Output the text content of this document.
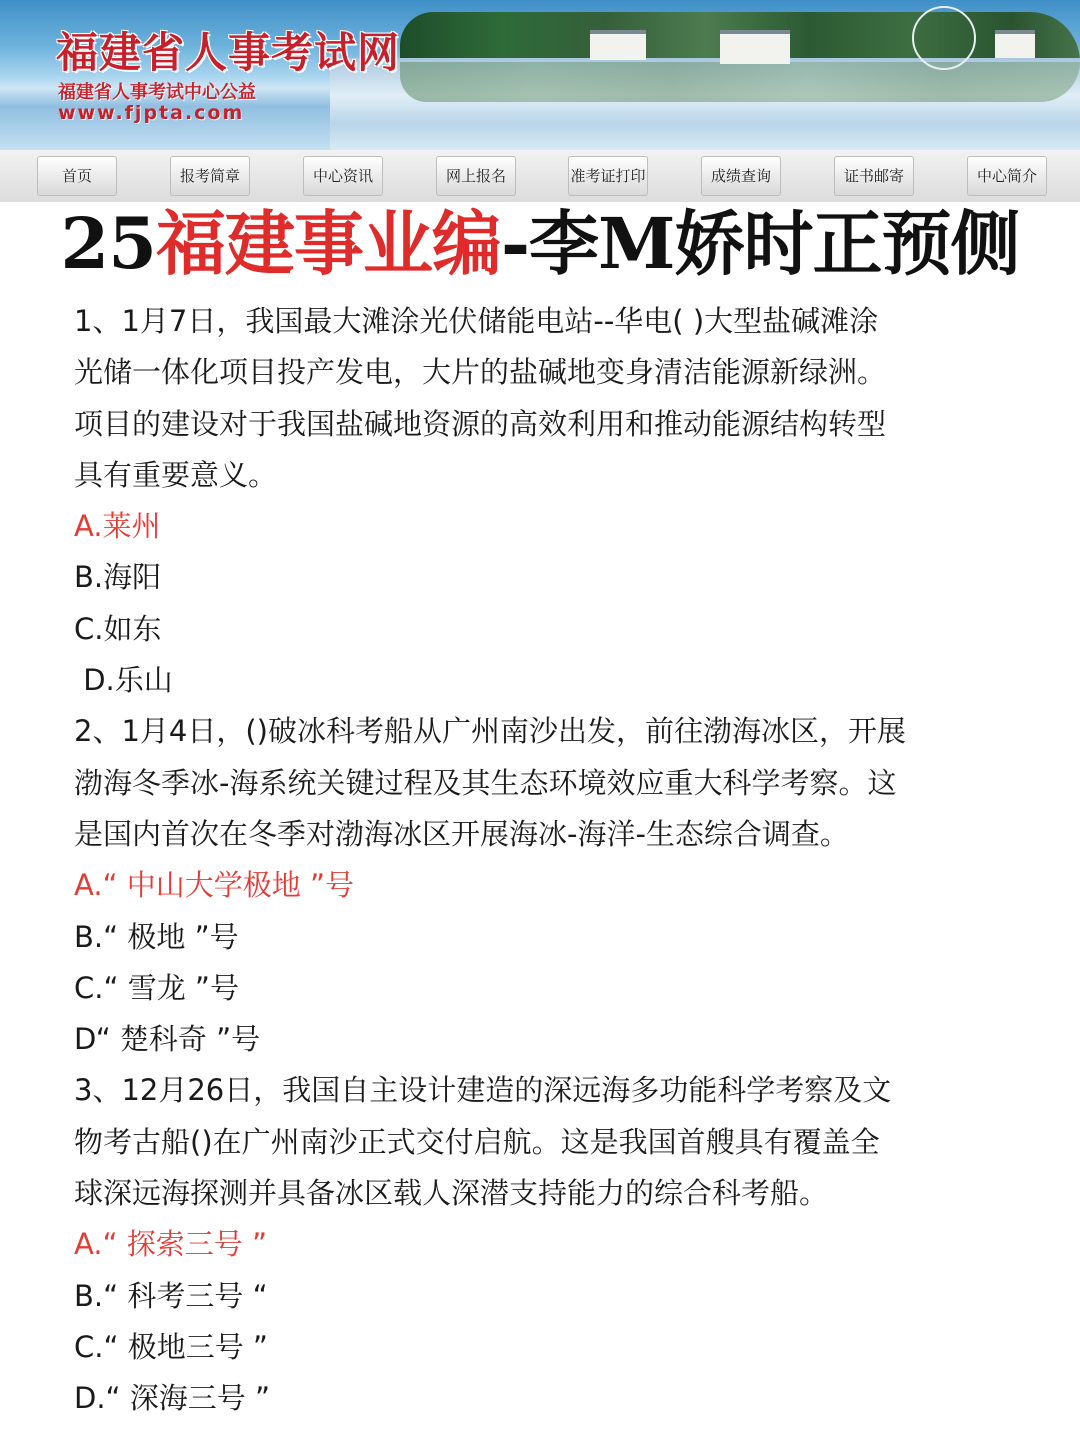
福建省人事考试网
福建省人事考试中心公益
www.fjpta.com
首页	报考简章	中心资讯	网上报名	准考证打印	成绩查询	证书邮寄	中心简介
25福建事业编-李M娇时正预侧

1、1月7日，我国最大滩涂光伏储能电站--华电( )大型盐碱滩涂

光储一体化项目投产发电，大片的盐碱地变身清洁能源新绿洲。

项目的建设对于我国盐碱地资源的高效利用和推动能源结构转型

具有重要意义。

A.莱州

B.海阳

C.如东

D.乐山

2、1月4日，()破冰科考船从广州南沙出发，前往渤海冰区，开展

渤海冬季冰-海系统关键过程及其生态环境效应重大科学考察。这

是国内首次在冬季对渤海冰区开展海冰-海洋-生态综合调查。

A.“ 中山大学极地 ”号

B.“ 极地 ”号

C.“ 雪龙 ”号

D“ 楚科奇 ”号

3、12月26日，我国自主设计建造的深远海多功能科学考察及文

物考古船()在广州南沙正式交付启航。这是我国首艘具有覆盖全

球深远海探测并具备冰区载人深潜支持能力的综合科考船。

A.“ 探索三号 ”

B.“ 科考三号 “

C.“ 极地三号 ”

D.“ 深海三号 ”
